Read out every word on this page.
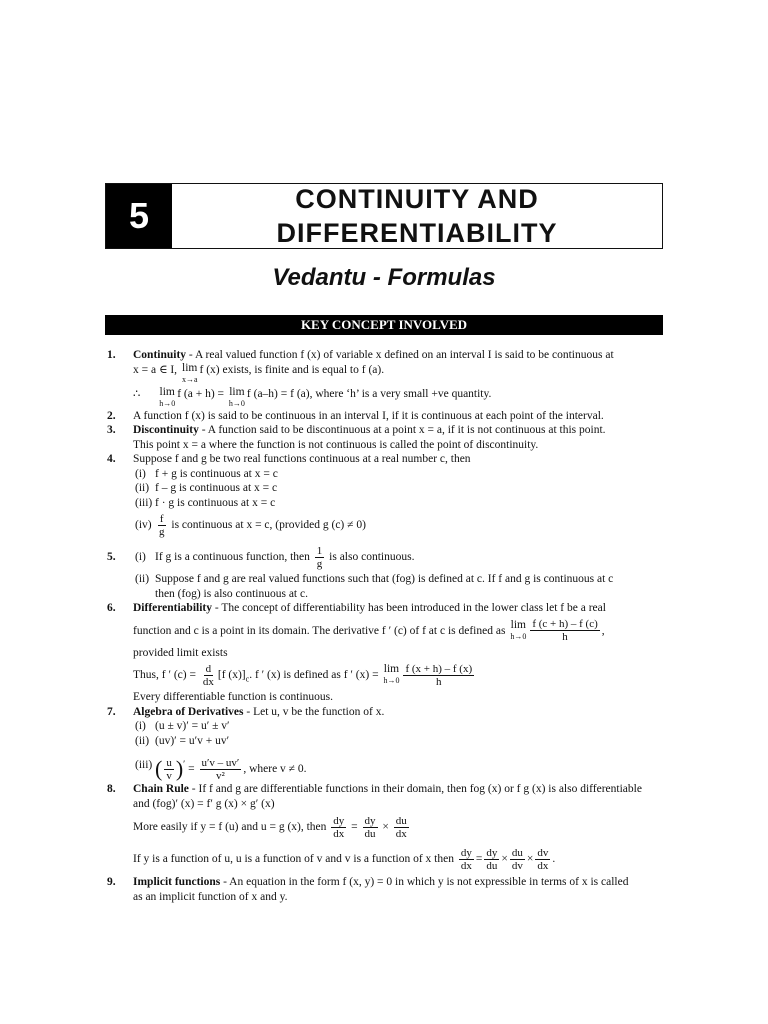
5	CONTINUITY AND
DIFFERENTIABILITY
Vedantu - Formulas
KEY CONCEPT INVOLVED
1. Continuity - A real valued function f (x) of variable x defined on an interval I is said to be continuous at
x = a ∈ I, lim
x→a
f (x) exists, is finite and is equal to f (a).
∴ lim
h→0
f (a + h) = lim
h→0
f (a–h) = f (a), where ‘h’ is a very small +ve quantity.
2. A function f (x) is said to be continuous in an interval I, if it is continuous at each point of the interval.
3. Discontinuity - A function said to be discontinuous at a point x = a, if it is not continuous at this point.
This point x = a where the function is not continuous is called the point of discontinuity.
4. Suppose f and g be two real functions continuous at a real number c, then
(i) f + g is continuous at x = c
(ii) f – g is continuous at x = c
(iii) f · g is continuous at x = c
$(iv) \frac{f}{g}$ is continuous at x = c, (provided g (c) ≠ 0)
5. (i) If g is a continuous function, then $\frac{1}{g}$ is also continuous.
(ii) Suppose f and g are real valued functions such that (fog) is defined at c. If f and g is continuous at c
then (fog) is also continuous at c.
6. Differentiability - The concept of differentiability has been introduced in the lower class let f be a real
function and c is a point in its domain. The derivative f ′ (c) of f at c is defined as lim
$h\to 0 \frac{f (c + h) - f (c)}{h}$ ,
provided limit exists
Thus, f ′ $(c) = \frac{d}{dx} [f$ $(x)]_c$. f ′ (x) is defined as f ′ (x) = lim
$h\to 0 \frac{f (x + h) - f (x)}{h}$
Every differentiable function is continuous.
7. Algebra of Derivatives - Let u, v be the function of x.
(i) (u ± v)′ = u′ ± v′
(ii) (uv)′ = u′v + uv′
(iii) ( $\frac{u}{v} )' = \frac{u'v - uv'}{\text{v²}}$ , where v ≠ 0.
8. Chain Rule - If f and g are differentiable functions in their domain, then fog (x) or f g (x) is also differentiable
and (fog)′ (x) = f′ g (x) × g′ (x)
More easily if y = f (u) and u = g (x), then $\frac{dy}{dx} = \frac{dy}{du} \times \frac{du}{dx}$
If y is a function of u, u is a function of v and v is a function of x then $\frac{dy}{dx} = \frac{dy}{du} \times \frac{du}{dv} \times \frac{dv}{dx}$ .
9. Implicit functions - An equation in the form f (x, y) = 0 in which y is not expressible in terms of x is called
as an implicit function of x and y.
